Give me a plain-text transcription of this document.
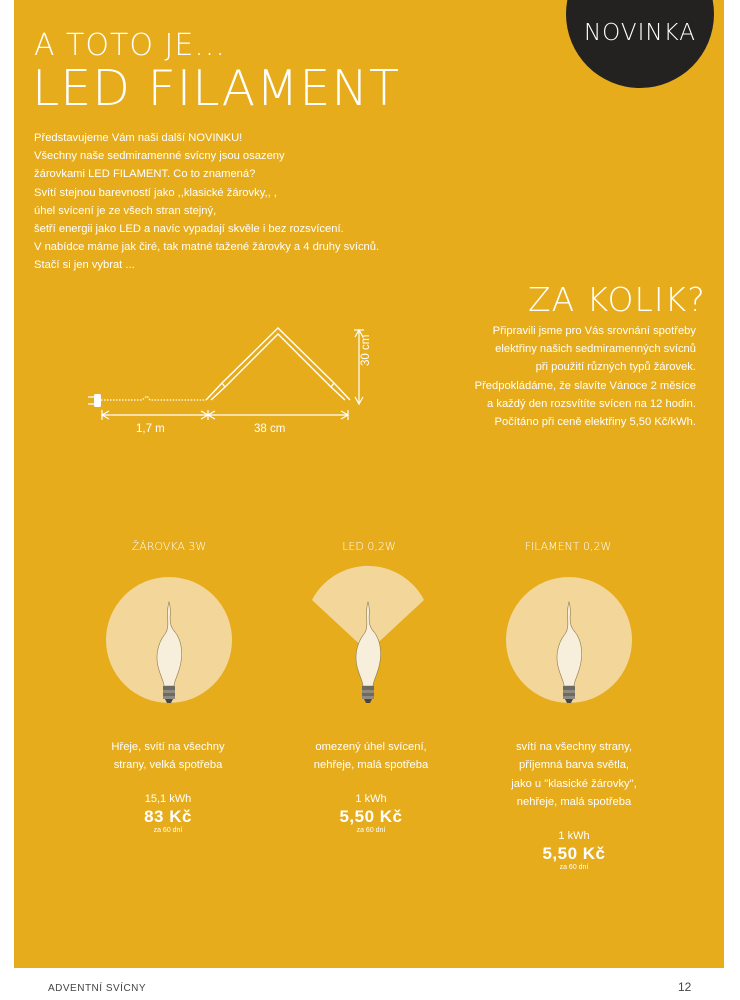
NOVINKA
A TOTO JE...
LED FILAMENT
Představujeme Vám naši další NOVINKU!
Všechny naše sedmiramenné svícny jsou osazeny
žárovkami LED FILAMENT. Co to znamená?
Svítí stejnou barevností jako ,,klasické žárovky,, ,
úhel svícení je ze všech stran stejný,
šetří energii jako LED a navíc vypadají skvěle i bez rozsvícení.
V nabídce máme jak čiré, tak matné tažené žárovky a 4 druhy svícnů.
Stačí si jen vybrat ...
ZA KOLIK?
Připravili jsme pro Vás srovnání spotřeby
elektřiny našich sedmiramenných svícnů
při použití různých typů žárovek.
Předpokládáme, že slavíte Vánoce 2 měsíce
a každý den rozsvítíte svícen na 12 hodin.
Počítáno při ceně elektřiny 5,50 Kč/kWh.
1,7 m	38 cm
30 cm
ŽÁROVKA 3W	LED 0,2W	FILAMENT 0,2W
Hřeje, svítí na všechny
strany, velká spotřeba
15,1 kWh
83 Kč
za 60 dní
omezený úhel svícení,
nehřeje, malá spotřeba
1 kWh
5,50 Kč
za 60 dní
svítí na všechny strany,
příjemná barva světla,
jako u "klasické žárovky",
nehřeje, malá spotřeba
1 kWh
5,50 Kč
za 60 dní
ADVENTNÍ SVÍCNY	12
